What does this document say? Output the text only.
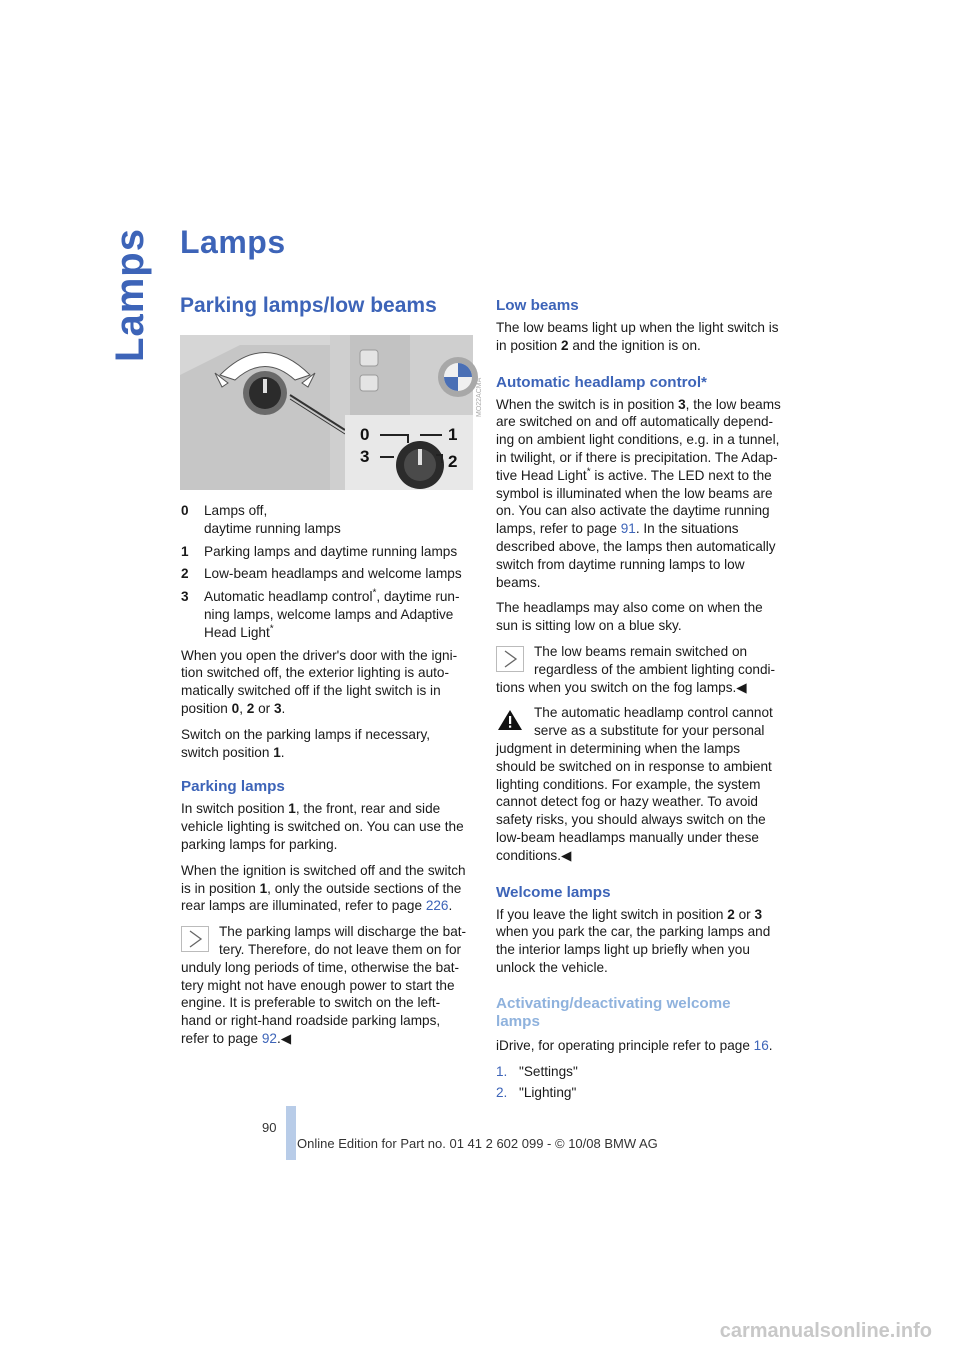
Lamps Lamps
Parking lamps/low beams
0	1
3	2
MO22ACMA
0	Lamps off,
daytime running lamps
1	Parking lamps and daytime running lamps
2	Low-beam headlamps and welcome lamps
3	Automatic headlamp control*, daytime run-
ning lamps, welcome lamps and Adaptive
Head Light*

When you open the driver's door with the igni-
tion switched off, the exterior lighting is auto-
matically switched off if the light switch is in
position 0, 2 or 3.

Switch on the parking lamps if necessary,
switch position 1.

Parking lamps

In switch position 1, the front, rear and side
vehicle lighting is switched on. You can use the
parking lamps for parking.

When the ignition is switched off and the switch
is in position 1, only the outside sections of the
rear lamps are illuminated, refer to page 226.

The parking lamps will discharge the bat-
tery. Therefore, do not leave them on for
unduly long periods of time, otherwise the bat-
tery might not have enough power to start the
engine. It is preferable to switch on the left-
hand or right-hand roadside parking lamps,
refer to page 92.◀

Low beams

The low beams light up when the light switch is
in position 2 and the ignition is on.

Automatic headlamp control*

When the switch is in position 3, the low beams
are switched on and off automatically depend-
ing on ambient light conditions, e.g. in a tunnel,
in twilight, or if there is precipitation. The Adap-
tive Head Light* is active. The LED next to the
symbol is illuminated when the low beams are
on. You can also activate the daytime running
lamps, refer to page 91. In the situations
described above, the lamps then automatically
switch from daytime running lamps to low
beams.

The headlamps may also come on when the
sun is sitting low on a blue sky.

The low beams remain switched on
regardless of the ambient lighting condi-
tions when you switch on the fog lamps.◀

The automatic headlamp control cannot
serve as a substitute for your personal
judgment in determining when the lamps
should be switched on in response to ambient
lighting conditions. For example, the system
cannot detect fog or hazy weather. To avoid
safety risks, you should always switch on the
low-beam headlamps manually under these
conditions.◀

Welcome lamps

If you leave the light switch in position 2 or 3
when you park the car, the parking lamps and
the interior lamps light up briefly when you
unlock the vehicle.

Activating/deactivating welcome
lamps

iDrive, for operating principle refer to page 16.

1. "Settings"
2. "Lighting"
90
Online Edition for Part no. 01 41 2 602 099 - © 10/08 BMW AG
carmanualsonline.info
